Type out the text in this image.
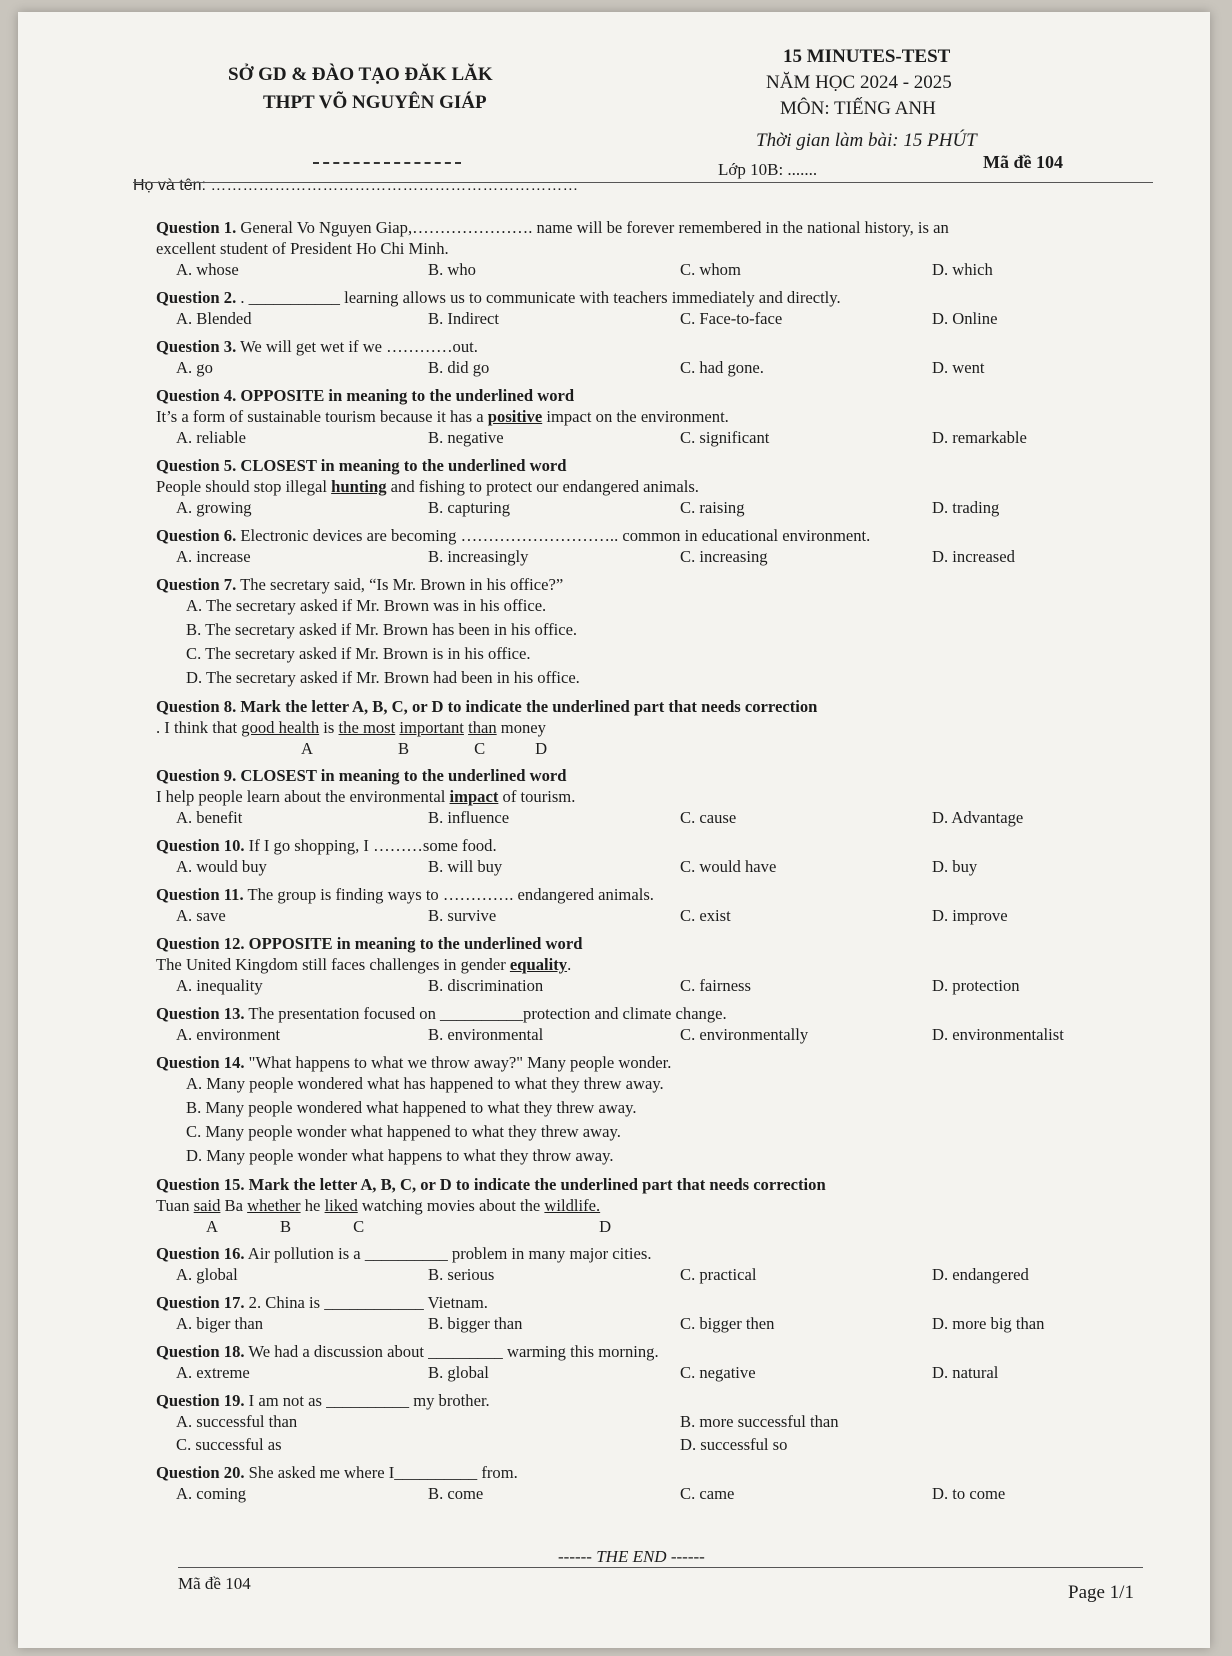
SỞ GD & ĐÀO TẠO ĐĂK LĂK
THPT VÕ NGUYÊN GIÁP
15 MINUTES-TEST
NĂM HỌC 2024 - 2025
MÔN: TIẾNG ANH
Thời gian làm bài: 15 PHÚT
Lớp 10B: .......	Mã đề 104
Họ và tên: ……………………………………………………………

Question 1. General Vo Nguyen Giap,…………………. name will be forever remembered in the national history, is an

excellent student of President Ho Chi Minh.

A. whose	B. who	C. whom	D. which

Question 2. . ___________ learning allows us to communicate with teachers immediately and directly.

A. Blended	B. Indirect	C. Face-to-face	D. Online

Question 3. We will get wet if we …………out.

A. go	B. did go	C. had gone.	D. went

Question 4. OPPOSITE in meaning to the underlined word

It’s a form of sustainable tourism because it has a positive impact on the environment.

A. reliable	B. negative	C. significant	D. remarkable

Question 5. CLOSEST in meaning to the underlined word

People should stop illegal hunting and fishing to protect our endangered animals.

A. growing	B. capturing	C. raising	D. trading

Question 6. Electronic devices are becoming ……………………….. common in educational environment.

A. increase	B. increasingly	C. increasing	D. increased

Question 7. The secretary said, “Is Mr. Brown in his office?”

A. The secretary asked if Mr. Brown was in his office.

B. The secretary asked if Mr. Brown has been in his office.

C. The secretary asked if Mr. Brown is in his office.

D. The secretary asked if Mr. Brown had been in his office.

Question 8. Mark the letter A, B, C, or D to indicate the underlined part that needs correction

. I think that good health is the most important than money

A	B	C	D

Question 9. CLOSEST in meaning to the underlined word

I help people learn about the environmental impact of tourism.

A. benefit	B. influence	C. cause	D. Advantage

Question 10. If I go shopping, I ………some food.

A. would buy	B. will buy	C. would have	D. buy

Question 11. The group is finding ways to …………. endangered animals.

A. save	B. survive	C. exist	D. improve

Question 12. OPPOSITE in meaning to the underlined word

The United Kingdom still faces challenges in gender equality.

A. inequality	B. discrimination	C. fairness	D. protection

Question 13. The presentation focused on __________protection and climate change.

A. environment	B. environmental	C. environmentally	D. environmentalist

Question 14. "What happens to what we throw away?" Many people wonder.

A. Many people wondered what has happened to what they threw away.

B. Many people wondered what happened to what they threw away.

C. Many people wonder what happened to what they threw away.

D. Many people wonder what happens to what they throw away.

Question 15. Mark the letter A, B, C, or D to indicate the underlined part that needs correction

Tuan said Ba whether he liked watching movies about the wildlife.

A	B	C	D

Question 16. Air pollution is a __________ problem in many major cities.

A. global	B. serious	C. practical	D. endangered

Question 17. 2. China is ____________ Vietnam.

A. biger than	B. bigger than	C. bigger then	D. more big than

Question 18. We had a discussion about _________ warming this morning.

A. extreme	B. global	C. negative	D. natural

Question 19. I am not as __________ my brother.

A. successful than	B. more successful than
C. successful as	D. successful so

Question 20. She asked me where I__________ from.

A. coming	B. come	C. came	D. to come
------ THE END ------
Mã đề 104	Page 1/1
